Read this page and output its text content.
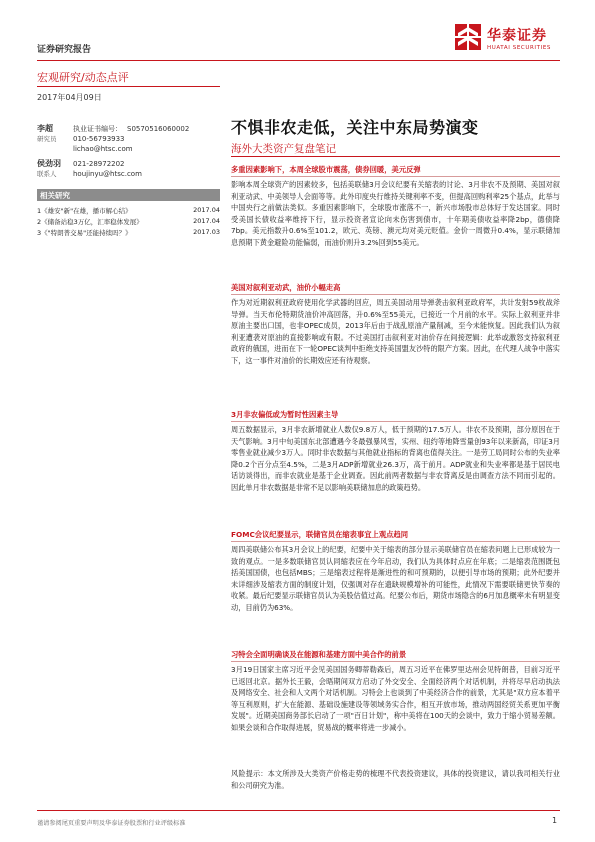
证券研究报告
华泰证券
HUATAI SECURITIES
宏观研究/动态点评
2017年04月09日
李超	执业证书编号： S0570516060002
研究员 010-56793933
lichao@htsc.com
侯劲羽 021-28972202
联系人 houjinyu@htsc.com
相关研究
1《雄安"新"在雄，播市解心结》	2017.04
2《储备站稳3万亿，汇率稳体发展》	2017.04
3《"特朗普交易"还能持续吗？》	2017.03
不惧非农走低，关注中东局势演变
海外大类资产复盘笔记
多重因素影响下，本周全球股市震荡，债券回暖，美元反弹
影响本周全球资产的因素较多，包括美联储3月会议纪要有关缩表的讨论、3月非农不及预期、美国对叙利亚动武、中美领导人会面等等。此外印度央行维持关键利率不变，但提高回购利率25个基点，此举与中国央行之前做法类似。多重因素影响下，全球股市涨落不一，新兴市场股市总体好于发达国家。同时受美国长债收益率维持下行，显示投资者宣论向未伤害到债市，十年期美债收益率降2bp，德债降7bp。美元指数升0.6%至101.2，欧元、英镑、澳元均对美元贬值。金价一周微升0.4%，显示联储加息预期下黄金避险功能偏弱，而油价则升3.2%回到55美元。
美国对叙利亚动武，油价小幅走高
作为对近期叙利亚政府使用化学武器的回应，周五美国动用导弹袭击叙利亚政府军，共计发射59枚战斧导弹。当天布伦特期货油价冲高回落，升0.6%至55美元，已接近一个月前的水平。实际上叙利亚并非原油主要出口国，也非OPEC成员，2013年后由于战乱原油产量削减，至今未能恢复。因此我们认为叙利亚遭袭对原油的直接影响或有限。不过美国打击叙利亚对油价存在间接逻辑：此举或激怒支持叙利亚政府的俄国，进而在下一轮OPEC谈判中拒绝支持美国盟友沙特的限产方案。因此，在代理人战争中落实下，这一事件对油价的长期效应还有待观察。
3月非农偏低或为暂时性因素主导
周五数据显示，3月非农新增就业人数仅9.8万人，低于预期的17.5万人。非农不及预期，部分原因在于天气影响。3月中旬美国东北部遭遇今冬最强暴风雪，实州、纽约等地降雪量创93年以来新高，印证3月零售业就业减少3万人。同时非农数据与其他就业指标的背离也值得关注。一是劳工局同时公布的失业率降0.2个百分点至4.5%，二是3月ADP新增就业26.3万，高于前月。ADP就业和失业率都是基于居民电话访谈得出，而非农就业是基于企业调查。因此前两者数据与非农背离反是由调查方法不同而引起的。因此单月非农数据是非常不足以影响美联储加息的政策趋势。
FOMC会议纪要显示，联储官员在缩表事宜上观点趋同
周四美联储公布其3月会议上的纪要，纪要中关于缩表的部分显示美联储官员在缩表问题上已形成较为一致的观点。一是多数联储官员认同缩表应在今年启动，我们认为具体时点应在年底；二是缩表范围既包括美国国债，也包括MBS；三是缩表过程将是渐进性的和可预期的，以便引导市场的预期；此外纪要并未详细涉及缩表方面的制度计划，仅强调对存在遗缺规模增补的可能性，此情况下需要联储更快节奏的收紧。最后纪要显示联储官员认为美股估值过高。纪要公布后，期货市场隐含的6月加息概率未有明显变动，目前仍为63%。
习特会全面明确谈及在能源和基建方面中美合作的前景
3月19日国家主席习近平会见美国国务卿蒂勒森后，周五习近平在佛罗里达州会见特朗普，目前习近平已返回北京。据外长王毅，会晤期间双方启动了外交安全、全面经济两个对话机制，并将尽早启动执法及网络安全、社会和人文两个对话机制。习特会上也谈到了中美经济合作的前景，尤其是"双方应本着平等互利原则，扩大在能源、基础设施建设等领域务实合作，相互开放市场，推动两国经贸关系更加平衡发展"。近期美国商务部长启动了一项"百日计划"，称中美将在100天的会谈中，致力于缩小贸易差额。如果会谈和合作取得进展，贸易战的概率将进一步减小。
风险提示：本文所涉及大类资产价格走势的梳理不代表投资建议，具体的投资建议，请以我司相关行业和公司研究为准。
谨请参阅尾页重要声明及华泰证券股票和行业评级标准	1
